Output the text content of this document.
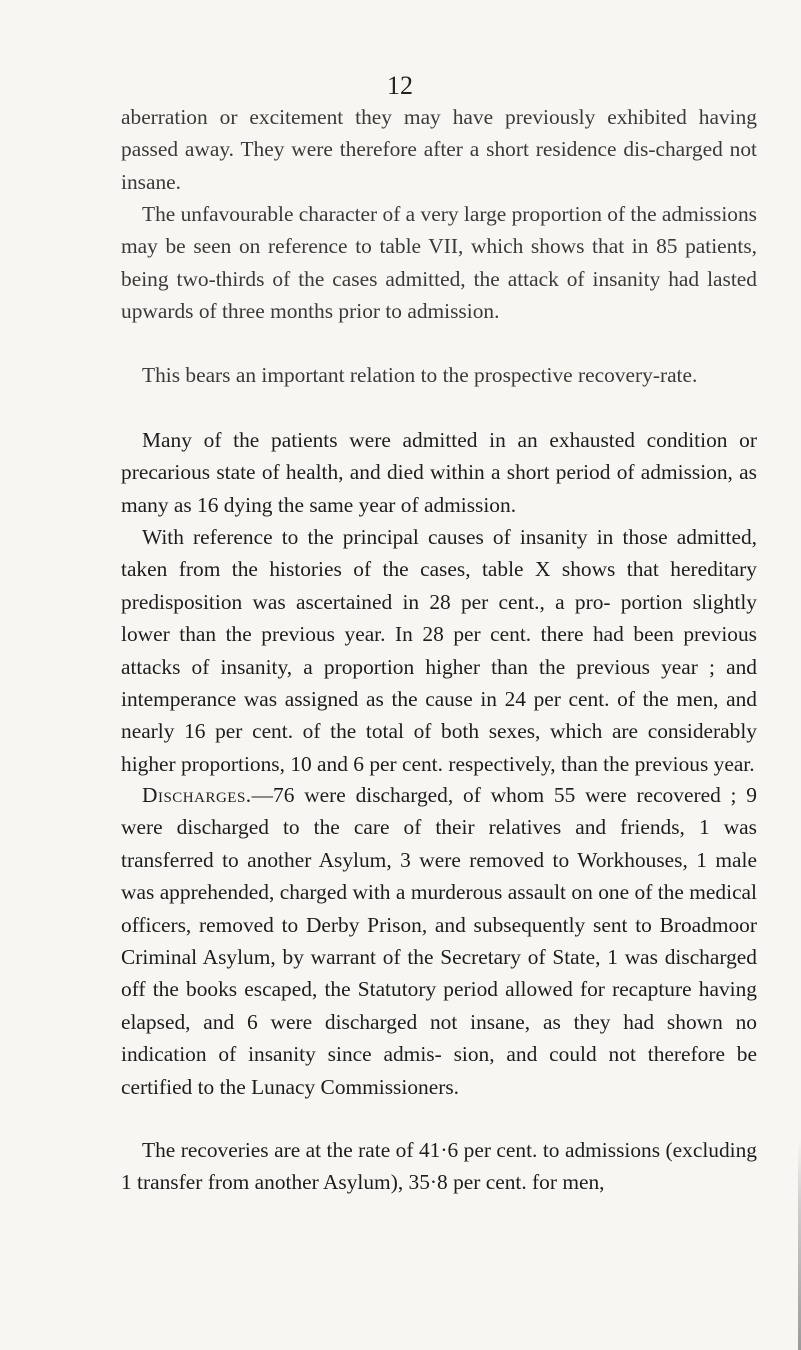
12

aberration or excitement they may have previously exhibited having passed away. They were therefore after a short residence dis-charged not insane.

The unfavourable character of a very large proportion of the admissions may be seen on reference to table VII, which shows that in 85 patients, being two-thirds of the cases admitted, the attack of insanity had lasted upwards of three months prior to admission.

This bears an important relation to the prospective recovery-rate.

Many of the patients were admitted in an exhausted condition or precarious state of health, and died within a short period of admission, as many as 16 dying the same year of admission.

With reference to the principal causes of insanity in those admitted, taken from the histories of the cases, table X shows that hereditary predisposition was ascertained in 28 per cent., a pro- portion slightly lower than the previous year. In 28 per cent. there had been previous attacks of insanity, a proportion higher than the previous year ; and intemperance was assigned as the cause in 24 per cent. of the men, and nearly 16 per cent. of the total of both sexes, which are considerably higher proportions, 10 and 6 per cent. respectively, than the previous year.

Discharges.—76 were discharged, of whom 55 were recovered ; 9 were discharged to the care of their relatives and friends, 1 was transferred to another Asylum, 3 were removed to Workhouses, 1 male was apprehended, charged with a murderous assault on one of the medical officers, removed to Derby Prison, and subsequently sent to Broadmoor Criminal Asylum, by warrant of the Secretary of State, 1 was discharged off the books escaped, the Statutory period allowed for recapture having elapsed, and 6 were discharged not insane, as they had shown no indication of insanity since admis- sion, and could not therefore be certified to the Lunacy Commissioners.

The recoveries are at the rate of 41·6 per cent. to admissions (excluding 1 transfer from another Asylum), 35·8 per cent. for men,
